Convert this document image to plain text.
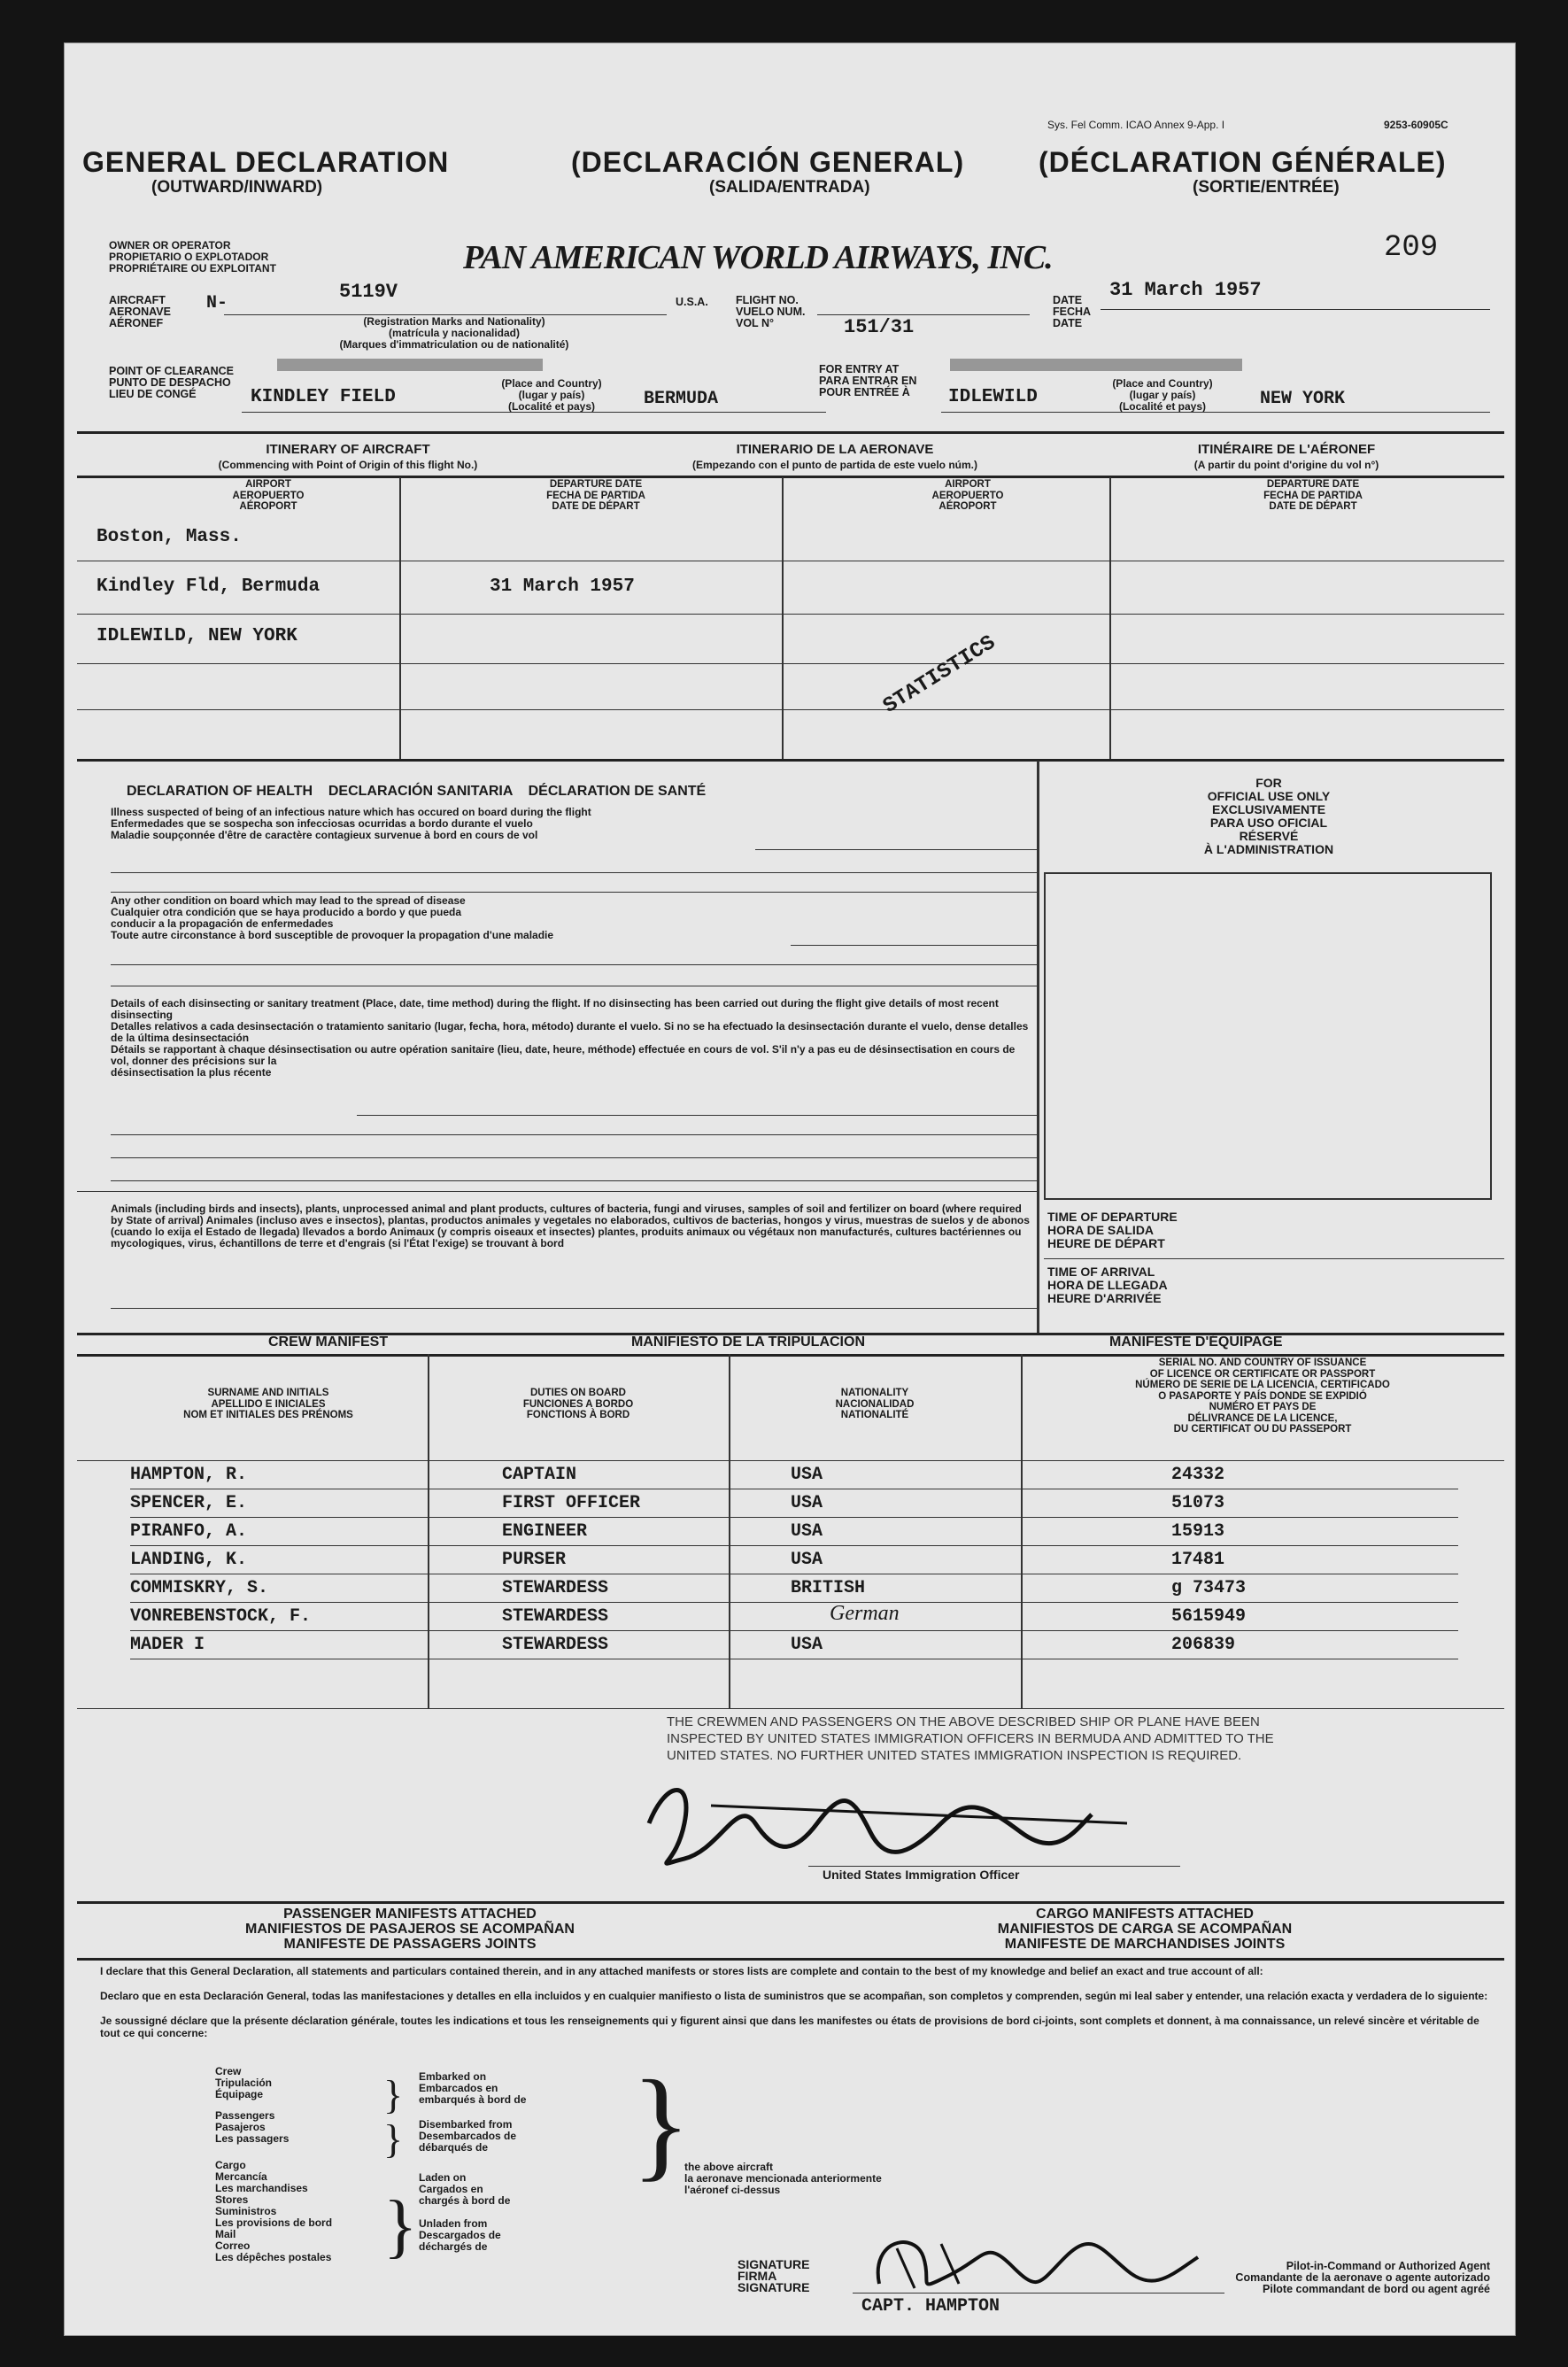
Sys. Fel Comm. ICAO Annex 9-App. I	9253-60905C
GENERAL DECLARATION
(OUTWARD/INWARD)
(DECLARACIÓN GENERAL)
(SALIDA/ENTRADA)
(DÉCLARATION GÉNÉRALE)
(SORTIE/ENTRÉE)
209
OWNER OR OPERATOR
PROPIETARIO O EXPLOTADOR
PROPRIÉTAIRE OU EXPLOITANT	PAN AMERICAN WORLD AIRWAYS, INC.
AIRCRAFT
AERONAVE
AÉRONEF
N-
5119V
(Registration Marks and Nationality)
(matrícula y nacionalidad)
(Marques d'immatriculation ou de nationalité)
U.S.A. FLIGHT NO.
VUELO NUM.
VOL N°	151/31
DATE
FECHA
DATE
31 March 1957
POINT OF CLEARANCE
PUNTO DE DESPACHO
LIEU DE CONGÉ	KINDLEY FIELD
(Place and Country)
(lugar y país)
(Localité et pays)	BERMUDA
FOR ENTRY AT
PARA ENTRAR EN
POUR ENTRÉE À	IDLEWILD
(Place and Country)
(lugar y país)
(Localité et pays)	NEW YORK
ITINERARY OF AIRCRAFT
(Commencing with Point of Origin of this flight No.)
ITINERARIO DE LA AERONAVE
(Empezando con el punto de partida de este vuelo núm.)
ITINÉRAIRE DE L'AÉRONEF
(A partir du point d'origine du vol n°)
AIRPORT
AEROPUERTO
AÉROPORT
DEPARTURE DATE
FECHA DE PARTIDA
DATE DE DÉPART
AIRPORT
AEROPUERTO
AÉROPORT
DEPARTURE DATE
FECHA DE PARTIDA
DATE DE DÉPART
Boston, Mass.
Kindley Fld, Bermuda	31 March 1957
IDLEWILD, NEW YORK	STATISTICS
DECLARATION OF HEALTH    DECLARACIÓN SANITARIA    DÉCLARATION DE SANTÉ
Illness suspected of being of an infectious nature which has occured on board during the flight
Enfermedades que se sospecha son infecciosas ocurridas a bordo durante el vuelo
Maladie soupçonnée d'être de caractère contagieux survenue à bord en cours de vol
Any other condition on board which may lead to the spread of disease
Cualquier otra condición que se haya producido a bordo y que pueda
conducir a la propagación de enfermedades
Toute autre circonstance à bord susceptible de provoquer la propagation d'une maladie
Details of each disinsecting or sanitary treatment (Place, date, time method) during the flight. If no disinsecting has been carried out during the flight give details of most recent disinsecting
Detalles relativos a cada desinsectación o tratamiento sanitario (lugar, fecha, hora, método) durante el vuelo. Si no se ha efectuado la desinsectación durante el vuelo, dense detalles de la última desinsectación
Détails se rapportant à chaque désinsectisation ou autre opération sanitaire (lieu, date, heure, méthode) effectuée en cours de vol. S'il n'y a pas eu de désinsectisation en cours de vol, donner des précisions sur la
désinsectisation la plus récente
FOR
OFFICIAL USE ONLY
EXCLUSIVAMENTE
PARA USO OFICIAL
RÉSERVÉ
À L'ADMINISTRATION
TIME OF DEPARTURE
HORA DE SALIDA
HEURE DE DÉPART
TIME OF ARRIVAL
HORA DE LLEGADA
HEURE D'ARRIVÉE
Animals (including birds and insects), plants, unprocessed animal and plant products, cultures of bacteria, fungi and viruses, samples of soil and fertilizer on board (where required by State of arrival) Animales (incluso aves e insectos), plantas, productos animales y vegetales no elaborados, cultivos de bacterias, hongos y virus, muestras de suelos y de abonos (cuando lo exija el Estado de llegada) llevados a bordo Animaux (y compris oiseaux et insectes) plantes, produits animaux ou végétaux non manufacturés, cultures bactériennes ou mycologiques, virus, échantillons de terre et d'engrais (si l'État l'exige) se trouvant à bord
CREW MANIFEST	MANIFIESTO DE LA TRIPULACIÓN	MANIFESTE D'ÉQUIPAGE
SURNAME AND INITIALS
APELLIDO E INICIALES
NOM ET INITIALES DES PRÉNOMS
DUTIES ON BOARD
FUNCIONES A BORDO
FONCTIONS À BORD
NATIONALITY
NACIONALIDAD
NATIONALITÉ
SERIAL NO. AND COUNTRY OF ISSUANCE
OF LICENCE OR CERTIFICATE OR PASSPORT
NÚMERO DE SERIE DE LA LICENCIA, CERTIFICADO
O PASAPORTE Y PAÍS DONDE SE EXPIDIÓ
NUMÉRO ET PAYS DE
DÉLIVRANCE DE LA LICENCE,
DU CERTIFICAT OU DU PASSEPORT
HAMPTON, R.	CAPTAIN	USA	24332
SPENCER, E.	FIRST OFFICER	USA	51073
PIRANFO, A.	ENGINEER	USA	15913
LANDING, K.	PURSER	USA	17481
COMMISKRY, S.	STEWARDESS	BRITISH	g 73473
VONREBENSTOCK, F.	STEWARDESS	German	5615949
MADER I	STEWARDESS	USA	206839
THE CREWMEN AND PASSENGERS ON THE ABOVE DESCRIBED SHIP OR PLANE HAVE BEEN INSPECTED BY UNITED STATES IMMIGRATION OFFICERS IN BERMUDA AND ADMITTED TO THE UNITED STATES. NO FURTHER UNITED STATES IMMIGRATION INSPECTION IS REQUIRED.
United States Immigration Officer
PASSENGER MANIFESTS ATTACHED
MANIFIESTOS DE PASAJEROS SE ACOMPAÑAN
MANIFESTE DE PASSAGERS JOINTS
CARGO MANIFESTS ATTACHED
MANIFIESTOS DE CARGA SE ACOMPAÑAN
MANIFESTE DE MARCHANDISES JOINTS
I declare that this General Declaration, all statements and particulars contained therein, and in any attached manifests or stores lists are complete and contain to the best of my knowledge and belief an exact and true account of all:
Declaro que en esta Declaración General, todas las manifestaciones y detalles en ella incluidos y en cualquier manifiesto o lista de suministros que se acompañan, son completos y comprenden, según mi leal saber y entender, una relación exacta y verdadera de lo siguiente:
Je soussigné déclare que la présente déclaration générale, toutes les indications et tous les renseignements qui y figurent ainsi que dans les manifestes ou états de provisions de bord ci-joints, sont complets et donnent, à ma connaissance, un relevé sincère et véritable de tout ce qui concerne:
Crew
Tripulación
Équipage
Passengers
Pasajeros
Les passagers
Cargo
Mercancía
Les marchandises
Stores
Suministros
Les provisions de bord
Mail
Correo
Les dépêches postales
}
}
}
Embarked on
Embarcados en
embarqués à bord de
Disembarked from
Desembarcados de
débarqués de
Laden on
Cargados en
chargés à bord de

Unladen from
Descargados de
déchargés de
}
the above aircraft
la aeronave mencionada anteriormente
l'aéronef ci-dessus
SIGNATURE
FIRMA
SIGNATURE
CAPT. HAMPTON
Pilot-in-Command or Authorized Agent
Comandante de la aeronave o agente autorizado
Pilote commandant de bord ou agent agréé
